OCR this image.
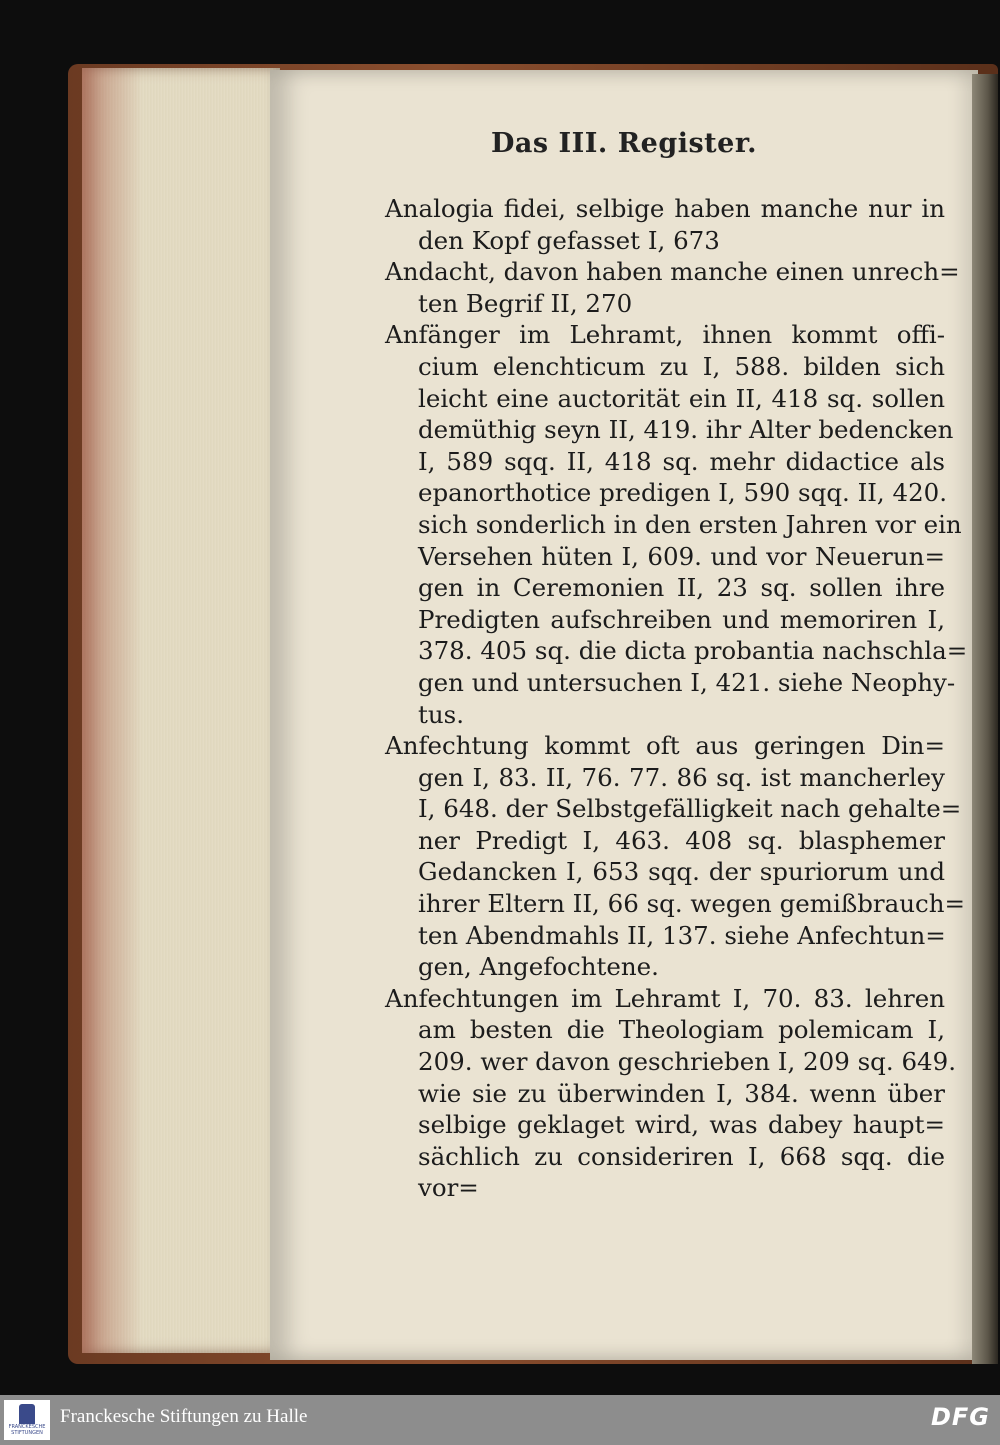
Das III. Register.
Analogia fidei, selbige haben manche nur in
den Kopf gefasset I, 673
Andacht, davon haben manche einen unrech=
ten Begrif II, 270
Anfänger im Lehramt, ihnen kommt offi-
cium elenchticum zu I, 588. bilden sich
leicht eine auctorität ein II, 418 sq. sollen
demüthig seyn II, 419. ihr Alter bedencken
I, 589 sqq. II, 418 sq. mehr didactice als
epanorthotice predigen I, 590 sqq. II, 420.
sich sonderlich in den ersten Jahren vor ein
Versehen hüten I, 609. und vor Neuerun=
gen in Ceremonien II, 23 sq. sollen ihre
Predigten aufschreiben und memoriren I,
378. 405 sq. die dicta probantia nachschla=
gen und untersuchen I, 421. siehe Neophy-
tus.
Anfechtung kommt oft aus geringen Din=
gen I, 83. II, 76. 77. 86 sq. ist mancherley
I, 648. der Selbstgefälligkeit nach gehalte=
ner Predigt I, 463. 408 sq. blasphemer
Gedancken I, 653 sqq. der spuriorum und
ihrer Eltern II, 66 sq. wegen gemißbrauch=
ten Abendmahls II, 137. siehe Anfechtun=
gen, Angefochtene.
Anfechtungen im Lehramt I, 70. 83. lehren
am besten die Theologiam polemicam I,
209. wer davon geschrieben I, 209 sq. 649.
wie sie zu überwinden I, 384. wenn über
selbige geklaget wird, was dabey haupt=
sächlich zu consideriren I, 668 sqq. die
vor=
FRANCKESCHE STIFTUNGEN
Franckesche Stiftungen zu Halle	DFG
